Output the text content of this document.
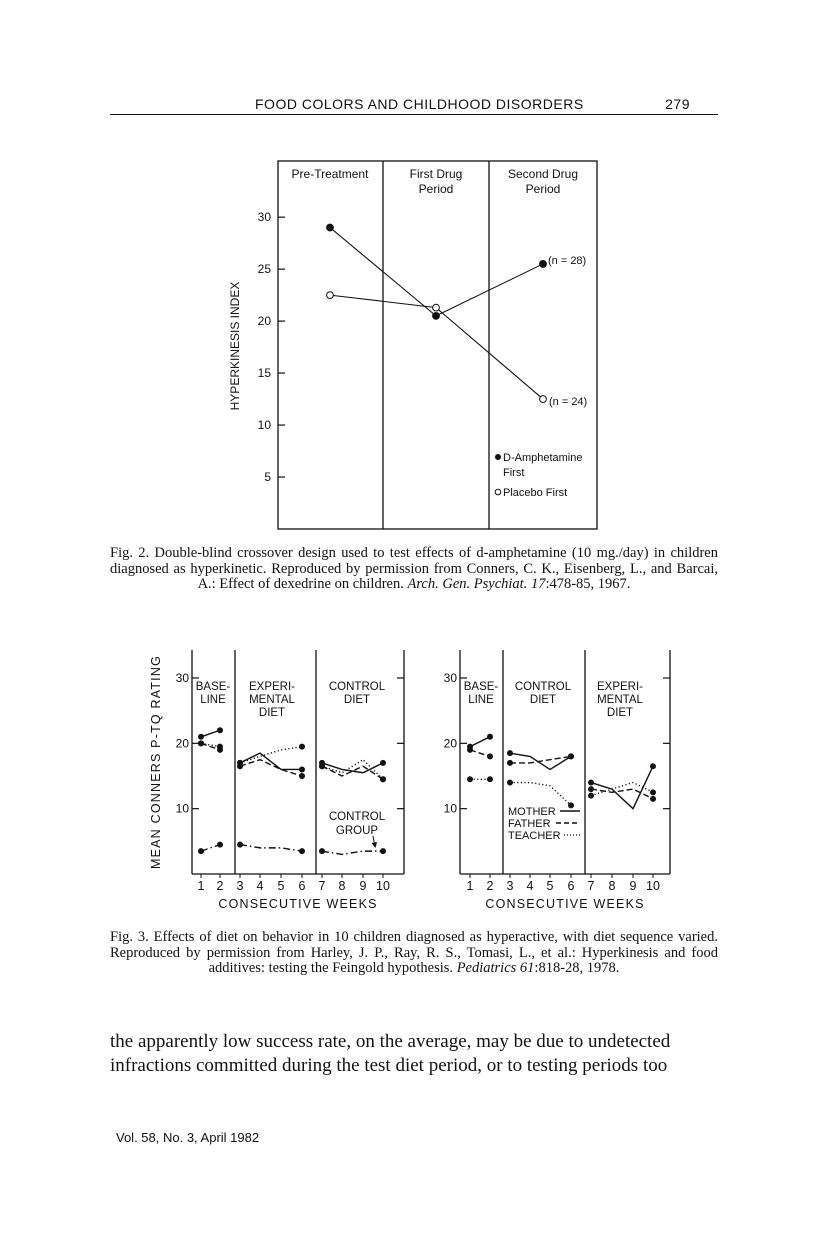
FOOD COLORS AND CHILDHOOD DISORDERS	279
Pre-Treatment	First Drug
Period
Second Drug
Period
HYPERKINESIS INDEX
30
25
20
15
10
5
(n = 28)
(n = 24)
D-Amphetamine
First
Placebo First
Fig. 2. Double-blind crossover design used to test effects of d-amphetamine (10 mg./day) in children diagnosed as hyperkinetic. Reproduced by permission from Conners, C. K., Eisenberg, L., and Barcai, A.: Effect of dexedrine on children. Arch. Gen. Psychiat. 17:478-85, 1967.
MEAN CONNERS P-TQ RATING 30
20
10
1 2 3 4 5 6 7 8 9 10
CONSECUTIVE WEEKS
30
20
10
1 2 3 4 5 6 7 8 9 10
CONSECUTIVE WEEKS
BASE-
LINE
EXPERI-
MENTAL
DIET
CONTROL
DIET
BASE-
LINE
CONTROL
DIET
EXPERI-
MENTAL
DIET
CONTROL
GROUP
MOTHER
FATHER
TEACHER
Fig. 3. Effects of diet on behavior in 10 children diagnosed as hyperactive, with diet sequence varied. Reproduced by permission from Harley, J. P., Ray, R. S., Tomasi, L., et al.: Hyperkinesis and food additives: testing the Feingold hypothesis. Pediatrics 61:818-28, 1978.
the apparently low success rate, on the average, may be due to undetected infractions committed during the test diet period, or to testing periods too
Vol. 58, No. 3, April 1982
